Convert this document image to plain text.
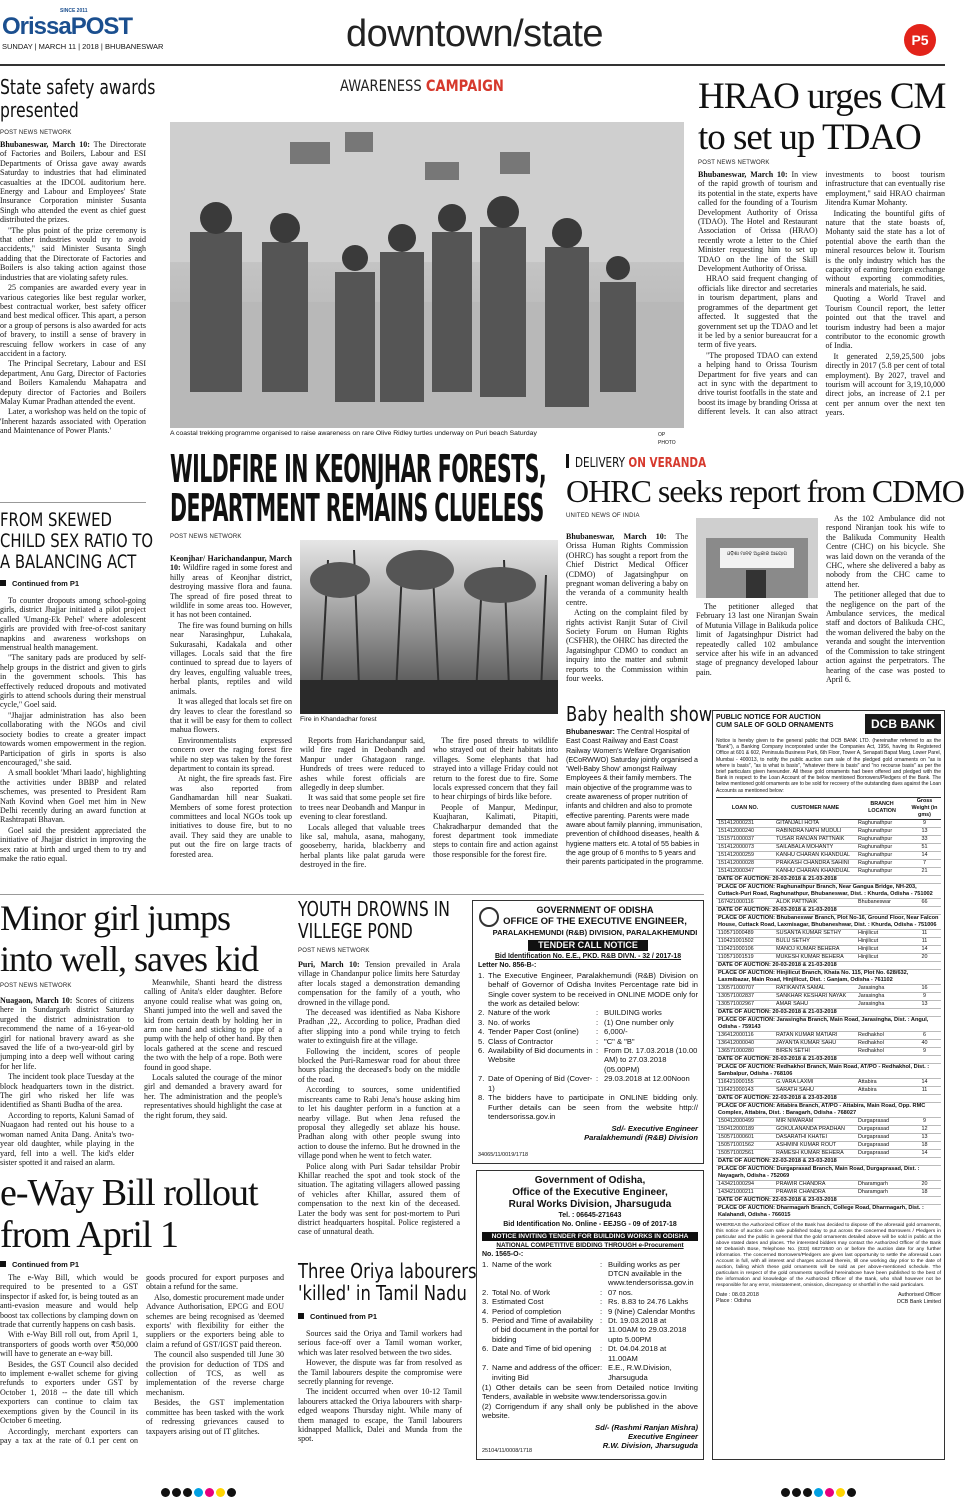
SINCE 2011
OrissaPOST
SUNDAY | MARCH 11 | 2018 | BHUBANESWAR	downtown/state	P5
State safety awards
presented
POST NEWS NETWORK

Bhubaneswar, March 10: The Directorate of Factories and Boilers, Labour and ESI Departments of Orissa gave away awards Saturday to industries that had eliminated casualties at the IDCOL auditorium here. Energy and Labour and Employees' State Insurance Corporation minister Susanta Singh who attended the event as chief guest distributed the prizes.

"The plus point of the prize ceremony is that other industries would try to avoid accidents," said Minister Susanta Singh adding that the Directorate of Factories and Boilers is also taking action against those industries that are violating safety rules.

25 companies are awarded every year in various categories like best regular worker, best contractual worker, best safety officer and best medical officer. This apart, a person or a group of persons is also awarded for acts of bravery, to instill a sense of bravery in rescuing fellow workers in case of any accident in a factory.

The Principal Secretary, Labour and ESI department, Anu Garg, Director of Factories and Boilers Kamalendu Mahapatra and deputy director of Factories and Boilers Malay Kumar Pradhan attended the event.

Later, a workshop was held on the topic of 'Inherent hazards associated with Operation and Maintenance of Power Plants.'

AWARENESS CAMPAIGN
A coastal trekking programme organised to raise awareness on rare Olive Ridley turtles underway on Puri beach Saturday	OP PHOTO
HRAO urges CM
to set up TDAO
POST NEWS NETWORK

Bhubaneswar, March 10: In view of the rapid growth of tourism and its potential in the state, experts have called for the founding of a Tourism Development Authority of Orissa (TDAO). The Hotel and Restaurant Association of Orissa (HRAO) recently wrote a letter to the Chief Minister requesting him to set up TDAO on the line of the Skill Development Authority of Orissa.

HRAO said frequent changing of officials like director and secretaries in tourism department, plans and programmes of the department get affected. It suggested that the government set up the TDAO and let it be led by a senior bureaucrat for a term of five years.

"The proposed TDAO can extend a helping hand to Orissa Tourism Department for five years and can act in sync with the department to drive tourist footfalls in the state and boost its image by branding Orissa at different levels. It can also attract investments to boost tourism infrastructure that can eventually rise employment," said HRAO chairman Jitendra Kumar Mohanty.

Indicating the bountiful gifts of nature that the state boasts of, Mohanty said the state has a lot of potential above the earth than the mineral resources below it. Tourism is the only industry which has the capacity of earning foreign exchange without exporting commodities, minerals and materials, he said.

Quoting a World Travel and Tourism Council report, the letter pointed out that the travel and tourism industry had been a major contributor to the economic growth of India.

It generated 2,59,25,500 jobs directly in 2017 (5.8 per cent of total employment). By 2027, travel and tourism will account for 3,19,10,000 direct jobs, an increase of 2.1 per cent per annum over the next ten years.

FROM SKEWED
CHILD SEX RATIO TO
A BALANCING ACT
Continued from P1

To counter dropouts among school-going girls, district Jhajjar initiated a pilot project called 'Umang-Ek Pehel' where adolescent girls are provided with free-of-cost sanitary napkins and awareness workshops on menstrual health management.

"The sanitary pads are produced by self-help groups in the district and given to girls in the government schools. This has effectively reduced dropouts and motivated girls to attend schools during their menstrual cycle," Goel said.

"Jhajjar administration has also been collaborating with the NGOs and civil society bodies to create a greater impact towards women empowerment in the region. Participation of girls in sports is also encouraged," she said.

A small booklet 'Mhari laado', highlighting the activities under BBBP and related schemes, was presented to President Ram Nath Kovind when Goel met him in New Delhi recently during an award function at Rashtrapati Bhavan.

Goel said the president appreciated the initiative of Jhajjar district in improving the sex ratio at birth and urged them to try and make the ratio equal.

WILDFIRE IN KEONJHAR FORESTS,
DEPARTMENT REMAINS CLUELESS
POST NEWS NETWORK

Keonjhar/ Harichandanpur, March 10: Wildfire raged in some forest and hilly areas of Keonjhar district, destroying massive flora and fauna. The spread of fire posed threat to wildlife in some areas too. However, it has not been contained.

The fire was found burning on hills near Narasinghpur, Luhakala, Sukurasahi, Kadakala and other villages. Locals said that the fire continued to spread due to layers of dry leaves, engulfing valuable trees, herbal plants, reptiles and wild animals.

It was alleged that locals set fire on dry leaves to clear the forestland so that it will be easy for them to collect mahua flowers.

Environmentalists expressed concern over the raging forest fire while no step was taken by the forest department to contain its spread.

At night, the fire spreads fast. Fire was also reported from Gandhamardan hill near Suakati. Members of some forest protection committees and local NGOs took up initiatives to douse fire, but to no avail. They said they are unable to put out the fire on large tracts of forested area.

Fire in Khandadhar forest

Reports from Harichandanpur said, wild fire raged in Deobandh and Manpur under Ghatagaon range. Hundreds of trees were reduced to ashes while forest officials are allegedly in deep slumber.

It was said that some people set fire to trees near Deobandh and Manpur in evening to clear forestland.

Locals alleged that valuable trees like sal, mahula, asana, mahogany, gooseberry, harida, blackberry and herbal plants like palat garuda were destroyed in the fire.

The fire posed threats to wildlife who strayed out of their habitats into villages. Some elephants that had strayed into a village Friday could not return to the forest due to fire. Some locals expressed concern that they fail to hear chirpings of birds like before.

People of Manpur, Medinpur, Kuajharan, Kalimati, Pitapiti, Chakradharpur demanded that the forest department took immediate steps to contain fire and action against those responsible for the forest fire.

DELIVERY ON VERANDA
OHRC seeks report from CDMO
UNITED NEWS OF INDIA

Bhubaneswar, March 10: The Orissa Human Rights Commission (OHRC) has sought a report from the Chief District Medical Officer (CDMO) of Jagatsinghpur on pregnant woman delivering a baby on the veranda of a community health centre.

Acting on the complaint filed by rights activist Ranjit Sutar of Civil Society Forum on Human Rights (CSFHR), the OHRC has directed the Jagatsinghpur CDMO to conduct an inquiry into the matter and submit reports to the Commission within four weeks.

ଓଡ଼ିଶା ମାନବ ଅଧିକାର ଆୟୋଗ

The petitioner alleged that February 13 last one Niranjan Swain of Mutunia Village in Balikuda police limit of Jagatsinghpur District had repeatedly called 102 ambulance service after his wife in an advanced stage of pregnancy developed labour pain.

As the 102 Ambulance did not respond Niranjan took his wife to the Balikuda Community Health Centre (CHC) on his bicycle. She was laid down on the veranda of the CHC, where she delivered a baby as nobody from the CHC came to attend her.

The petitioner alleged that due to the negligence on the part of the Ambulance services, the medical staff and doctors of Balikuda CHC, the woman delivered the baby on the veranda and sought the intervention of the Commission to take stringent action against the perpetrators. The hearing of the case was posted to April 6.

Baby health show
Bhubaneswar: The Central Hospital of East Coast Railway and East Coast Railway Women's Welfare Organisation (ECoRWWO) Saturday jointly organised a 'Well-Baby Show' amongst Railway Employees & their family members. The main objective of the programme was to create awareness of proper nutrition of infants and children and also to promote effective parenting. Parents were made aware about family planning, immunisation, prevention of childhood diseases, health & hygiene matters etc. A total of 55 babies in the age group of 6 months to 5 years and their parents participated in the programme.
PUBLIC NOTICE FOR AUCTION
CUM SALE OF GOLD ORNAMENTS	DCB BANK
Notice is hereby given to the general public that DCB BANK LTD. (hereinafter referred to as the "Bank"), a Banking Company incorporated under the Companies Act, 1956, having its Registered Office at 601 & 602, Peninsula Business Park, 6th Floor, Tower A, Senapati Bapat Marg, Lower Parel, Mumbai - 400013, to notify the public auction cum sale of the pledged gold ornaments on "as is where is basis", "as is what is basis", "whatever there is basis" and "no recourse basis" as per the brief particulars given hereunder. All these gold ornaments had been offered and pledged with the Bank in respect to the Loan Account of the below mentioned Borrowers/Pledgers of the Bank. The below mentioned gold ornaments are to be sold for recovery of the outstanding dues against the Loan Accounts as mentioned below:
LOAN NO.	CUSTOMER NAME	BRANCH LOCATION	Gross Weight (in gms)
151412000231	GITANJALI HOTA	Raghunathpur	9
151412000240	RABINDRA NATH MUDULI	Raghunathpur	13
151571000037	TUSAR RANJAN PATTNAIK	Raghunathpur	33
151412000073	SAILABALA MOHANTY	Raghunathpur	51
151412000259	KANHU CHARAN KHANDUAL	Raghunathpur	14
151412000028	PRAKASH CHANDRA SAHINI	Raghunathpur	7
151412000347	KANHU CHARAN KHANDUAL	Raghunathpur	21
DATE OF AUCTION: 20-03-2018 & 21-03-2018			
PLACE OF AUCTION: Raghunathpur Branch, Near Ganguа Bridge, NH-203, Cuttack-Puri Road, Raghunathpur, Bhubaneswar, Dist. : Khurda, Odisha - 751002			
167421000116	ALOK PATTNAIK	Bhubaneswar	66
DATE OF AUCTION: 20-03-2018 & 21-03-2018			
PLACE OF AUCTION: Bhubaneswar Branch, Plot No-16, Ground Floor, Near Falcon House, Cuttack Road, Laxmisagar, Bhubaneshwar, Dist. : Khurda, Odisha - 751006			
110571000489	SUSANTA KUMAR SETHY	Hinjilicut	11
110421001502	BULU SETHY	Hinjilicut	11
110421000106	MANOJ KUMAR BEHERA	Hinjilicut	14
110571001519	MUKESH KUMAR BEHERA	Hinjilicut	20
DATE OF AUCTION: 20-03-2018 & 21-03-2018			
PLACE OF AUCTION: Hinjilicut Branch, Khata No. 115, Plot No. 628/632, Laxmibazar, Main Road, Hinjilicut, Dist. : Ganjam, Odisha - 761102			
130571000707	RATIKANTA SAMAL	Jarasingha	16
130571002837	SANKHAR KESHARI NAYAK	Jarasingha	9
130571002967	AMAR SAHU	Jarasingha	13
DATE OF AUCTION: 20-03-2018 & 21-03-2018			
PLACE OF AUCTION: Jarasingha Branch, Main Road, Jarasingha, Dist. : Angul, Odisha - 759143			
136412000116	RATAN KUMAR MATIARI	Redhakhol	6
136412000040	JAYANTA KUMAR SAHU	Redhakhol	40
136571000280	BIREN SETHI	Redhakhol	9
DATE OF AUCTION: 20-03-2018 & 21-03-2018			
PLACE OF AUCTION: Redhakhol Branch, Main Road, AT/PO - Redhakhol, Dist. : Sambalpur, Odisha - 768106			
116421000155	G.VARA LAXMI	Attabira	14
116421000143	SARATH SAHU	Attabira	11
DATE OF AUCTION: 22-03-2018 & 23-03-2018			
PLACE OF AUCTION: Attabira Branch, AT/PO - Attabira, Main Road, Opp. RMC Complex, Attabira, Dist. : Baragarh, Odisha - 768027			
150412000499	MIR NIWARAM	Durgaprasad	9
150412000189	GOKULANANDA PRADHAN	Durgaprasad	12
150571000601	DASARATHI KHATEI	Durgaprasad	13
150571001562	ASHMINI KUMAR ROUT	Durgaprasad	18
150571002561	RAMESH KUMAR BEHERA	Durgaprasad	14
DATE OF AUCTION: 22-03-2018 & 23-03-2018			
PLACE OF AUCTION: Durgaprasad Branch, Main Road, Durgaprasad, Dist. : Nayagarh, Odisha - 752069			
143421000294	PRAWIR CHANDRA	Dharamgarh	20
143421000211	PRAWIR CHANDRA	Dharamgarh	18
DATE OF AUCTION: 22-03-2018 & 23-03-2018			
PLACE OF AUCTION: Dharmagarh Branch, College Road, Dharmagarh, Dist. : Kalahandi, Odisha - 766015			
WHEREAS the Authorized Officer of the Bank has decided to dispose off the aforesaid gold ornaments, this notice of auction cum sale published today to put across the concerned Borrowers / Pledgers in particular and the public in general that the gold ornaments detailed above will be sold in public at the above stated dates and places. The interested bidders may contact the Authorized Officer of the Bank Mr Debasish Bose, Telephone No. (033) 66272640 on or before the auction date for any further information. The concerned Borrowers/Pledgers are given last opportunity to settle the aforesaid Loan Account in full, with all interest and charges accrued therein, till one working day prior to the date of auction, failing which these gold ornaments will be sold as per above-mentioned schedule. The particulars in respect of the gold ornaments specified hereinabove have been published to the best of the information and knowledge of the Authorized Officer of the Bank, who shall however not be responsible for any error, misstatement, omission, discrepancy or shortfall in the said particulars.
Date : 08.03.2018
Place : Odisha
Authorised Officer
DCB Bank Limited
Minor girl jumps
into well, saves kid
POST NEWS NETWORK

Nuagaon, March 10: Scores of citizens here in Sundargarh district Saturday urged the district administration to recommend the name of a 16-year-old girl for national bravery award as she saved the life of a two-year-old girl by jumping into a deep well without caring for her life.

The incident took place Tuesday at the block headquarters town in the district. The girl who risked her life was identified as Shanti Budha of the area.

According to reports, Kaluni Samad of Nuagaon had rented out his house to a woman named Anita Dang. Anita's two-year old daughter, while playing in the yard, fell into a well. The kid's elder sister spotted it and raised an alarm.

Meanwhile, Shanti heard the distress calling of Anita's elder daughter. Before anyone could realise what was going on, Shanti jumped into the well and saved the kid from certain death by holding her in arm one hand and sticking to pipe of a pump with the help of other hand. By then locals gathered at the scene and rescued the two with the help of a rope. Both were found in good shape.

Locals saluted the courage of the minor girl and demanded a bravery award for her. The administration and the people's representatives should highlight the case at the right forum, they said.

YOUTH DROWNS IN
VILLEGE POND
POST NEWS NETWORK

Puri, March 10: Tension prevailed in Arala village in Chandanpur police limits here Saturday after locals staged a demonstration demanding compensation for the family of a youth, who drowned in the village pond.

The deceased was identified as Naba Kishore Pradhan ,22,. According to police, Pradhan died after slipping into a pond while trying to fetch water to extinguish fire at the village.

Following the incident, scores of people blocked the Puri-Rameswar road for about three hours placing the deceased's body on the middle of the road.

According to sources, some unidentified miscreants came to Rabi Jena's house asking him to let his daughter perform in a function at a nearby village. But when Jena refused the proposal they allegedly set ablaze his house. Pradhan along with other people swung into action to douse the inferno. But he drowned in the village pond when he went to fetch water.

Police along with Puri Sadar tehsildar Probir Khillar reached the spot and took stock of the situation. The agitating villagers allowed passing of vehicles after Khillar, assured them of compensation to the next kin of the deceased. Later the body was sent for post-mortem to Puri district headquarters hospital. Police registered a case of unnatural death.

GOVERNMENT OF ODISHA
OFFICE OF THE EXECUTIVE ENGINEER,
PARALAKHEMUNDI (R&B) DIVISION, PARALAKHEMUNDI
TENDER CALL NOTICE
Bid Identification No. E.E., PKD. R&B DIVN. - 32 / 2017-18
Letter No. 856-B-:
1. The Executive Engineer, Paralakhemundi (R&B) Division on behalf of Governor of Odisha Invites Percentage rate bid in Single cover system to be received in ONLINE MODE only for the work as detailed below:
2. Nature of the work	: BUILDING works
3. No. of works	: (1) One number only
4. Tender Paper Cost (online)	: 6,000/-
5. Class of Contractor	: "C" & "B"
6. Availability of Bid documents in Website
: From Dt. 17.03.2018 (10.00 AM) to 27.03.2018 (05.00PM)
7. Date of Opening of Bid (Cover-1)
: 29.03.2018 at 12.00Noon
8. The bidders have to participate in ONLINE bidding only. Further details can be seen from the website http:// tendersorissa.gov.in
Sd/- Executive Engineer
Paralakhemundi (R&B) Division
34065/11/0019/1718
Government of Odisha,
Office of the Executive Engineer,
Rural Works Division, Jharsuguda
Tel. : 06645-271643
Bid Identification No. Online - EEJSG - 09 of 2017-18
NOTICE INVITING TENDER FOR BUILDING WORKS IN ODISHA
NATIONAL COMPETITIVE BIDDING THROUGH e-Procurement
No. 1565-O-:
1. Name of the work	: Building works as per DTCN available in the www.tendersorissa.gov.in
2. Total No. of Work	: 07 nos.
3. Estimated Cost	: Rs. 8.83 to 24.76 Lakhs
4. Period of completion	: 9 (Nine) Calendar Months
5. Period and Time of availability of bid document in the portal for bidding
: Dt. 19.03.2018 at 11.00AM to 29.03.2018 upto 5.00PM
6. Date and Time of bid opening	: Dt. 04.04.2018 at 11.00AM
7. Name and address of the officer inviting Bid
: E.E., R.W.Division, Jharsuguda
(1) Other details can be seen from Detailed notice Inviting Tenders, available in website www.tendersorissa.gov.in
(2) Corrigendum if any shall only be published in the above website.
Sd/- (Rashmi Ranjan Mishra)
Executive Engineer
R.W. Division, Jharsuguda
25104/11/0008/1718
e-Way Bill rollout
from April 1
Continued from P1

The e-Way Bill, which would be required to be presented to a GST inspector if asked for, is being touted as an anti-evasion measure and would help boost tax collections by clamping down on trade that currently happens on cash basis.

With e-Way Bill roll out, from April 1, transporters of goods worth over ₹50,000 will have to generate an e-way bill.

Besides, the GST Council also decided to implement e-wallet scheme for giving refunds to exporters under GST by October 1, 2018 -- the date till which exporters can continue to claim tax exemptions given by the Council in its October 6 meeting.

Accordingly, merchant exporters can pay a tax at the rate of 0.1 per cent on goods procured for export purposes and obtain a refund for the same.

Also, domestic procurement made under Advance Authorisation, EPCG and EOU schemes are being recognised as 'deemed exports' with flexibility for either the suppliers or the exporters being able to claim a refund of GST/IGST paid thereon.

The council also suspended till June 30 the provision for deduction of TDS and collection of TCS, as well as implementation of the reverse charge mechanism.

Besides, the GST implementation committee has been tasked with the work of redressing grievances caused to taxpayers arising out of IT glitches.

Three Oriya labourers
'killed' in Tamil Nadu
Continued from P1

Sources said the Oriya and Tamil workers had serious face-off over a Tamil woman worker, which was later resolved between the two sides.

However, the dispute was far from resolved as the Tamil labourers despite the compromise were secretly planning for revenge.

The incident occurred when over 10-12 Tamil labourers attacked the Oriya labourers with sharp-edged weapons Thursday night. While many of them managed to escape, the Tamil labourers kidnapped Mallick, Dalei and Munda from the spot.
